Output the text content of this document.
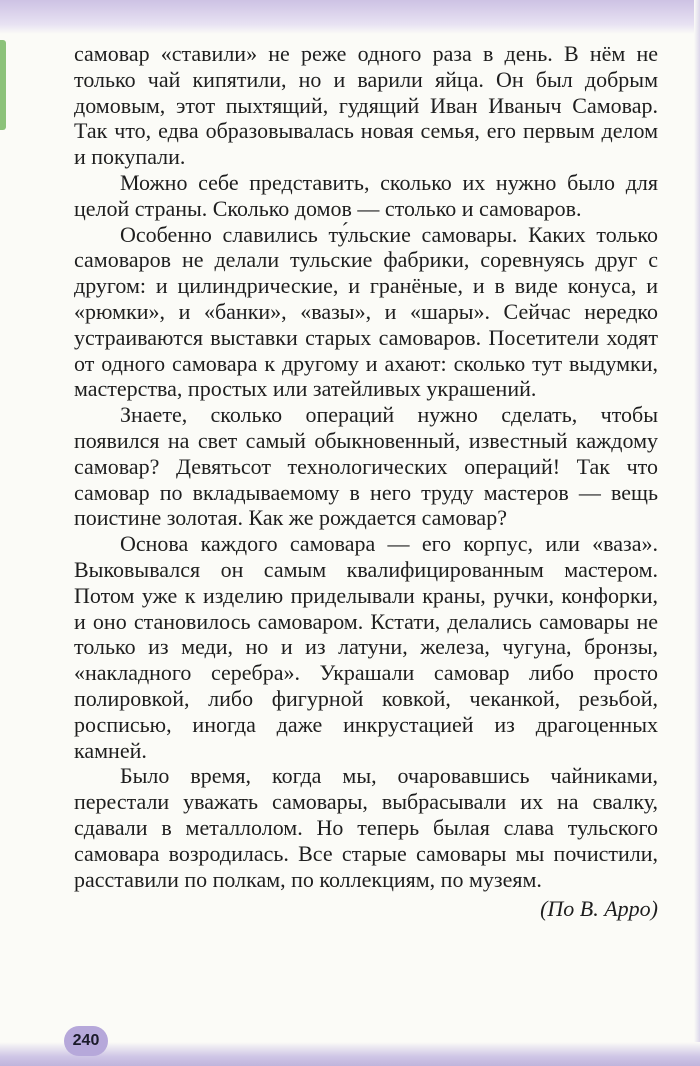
самовар «ставили» не реже одного раза в день. В нём не только чай кипятили, но и варили яйца. Он был добрым домовым, этот пыхтящий, гудящий Иван Иваныч Самовар. Так что, едва образовывалась новая семья, его первым делом и покупали.

Можно себе представить, сколько их нужно было для целой страны. Сколько домов — столько и самоваров.

Особенно славились ту́льские самовары. Каких только самоваров не делали тульские фабрики, соревнуясь друг с другом: и цилиндрические, и гранёные, и в виде конуса, и «рюмки», и «банки», «вазы», и «шары». Сейчас нередко устраиваются выставки старых самоваров. Посетители ходят от одного самовара к другому и ахают: сколько тут выдумки, мастерства, простых или затейливых украшений.

Знаете, сколько операций нужно сделать, чтобы появился на свет самый обыкновенный, известный каждому самовар? Девятьсот технологических операций! Так что самовар по вкладываемому в него труду мастеров — вещь поистине золотая. Как же рождается самовар?

Основа каждого самовара — его корпус, или «ваза». Выковывался он самым квалифицированным мастером. Потом уже к изделию приделывали краны, ручки, конфорки, и оно становилось самоваром. Кстати, делались самовары не только из меди, но и из латуни, железа, чугуна, бронзы, «накладного серебра». Украшали самовар либо просто полировкой, либо фигурной ковкой, чеканкой, резьбой, росписью, иногда даже инкрустацией из драгоценных камней.

Было время, когда мы, очаровавшись чайниками, перестали уважать самовары, выбрасывали их на свалку, сдавали в металлолом. Но теперь былая слава тульского самовара возродилась. Все старые самовары мы почистили, расставили по полкам, по коллекциям, по музеям.

(По В. Арро)
240
